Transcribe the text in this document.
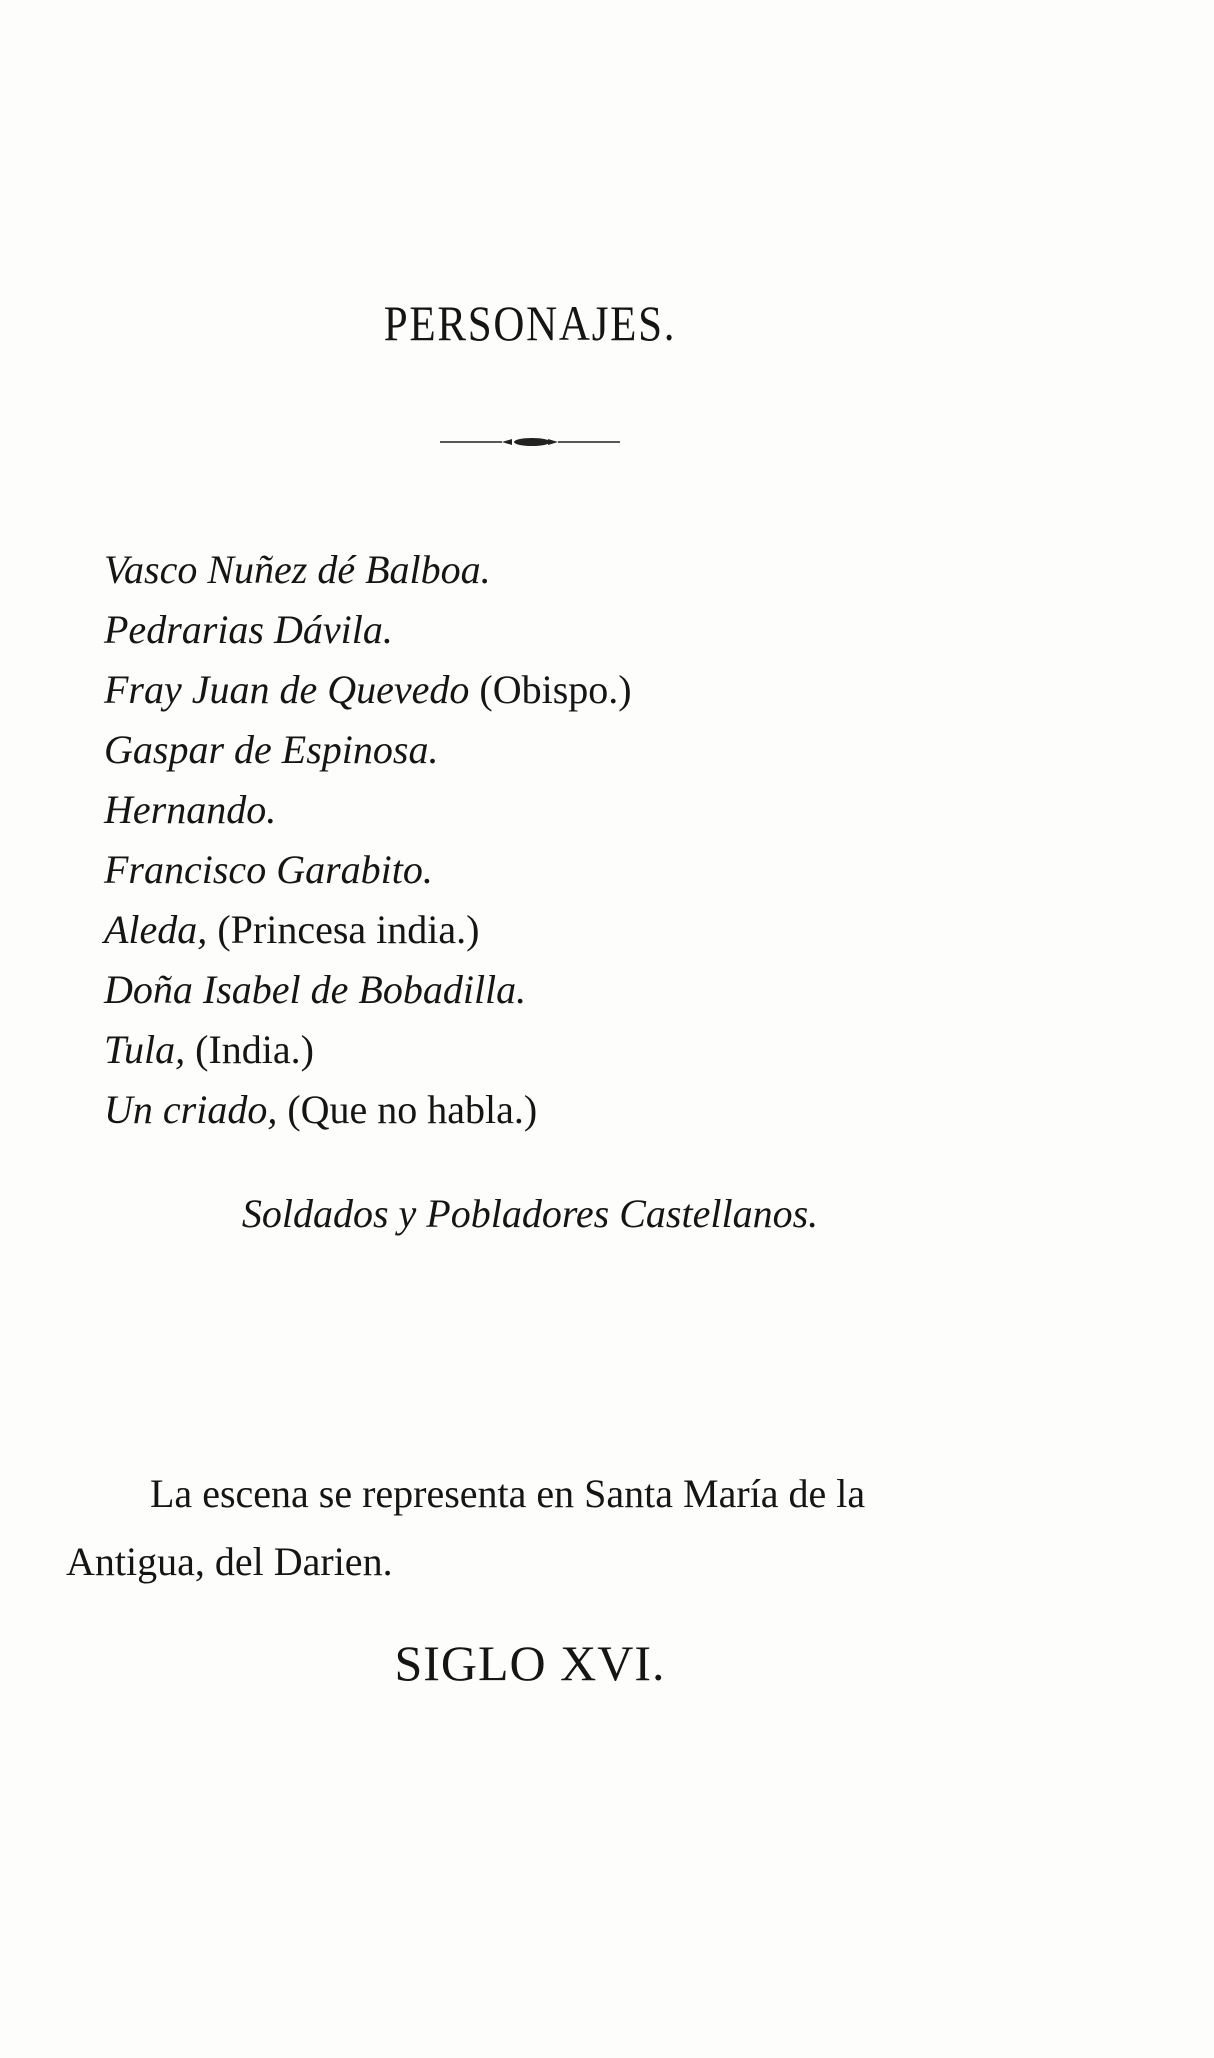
PERSONAJES.
Vasco Nuñez dé Balboa.
Pedrarias Dávila.
Fray Juan de Quevedo (Obispo.)
Gaspar de Espinosa.
Hernando.
Francisco Garabito.
Aleda, (Princesa india.)
Doña Isabel de Bobadilla.
Tula, (India.)
Un criado, (Que no habla.)
Soldados y Pobladores Castellanos.
La escena se representa en Santa María de la
Antigua, del Darien.
SIGLO XVI.
